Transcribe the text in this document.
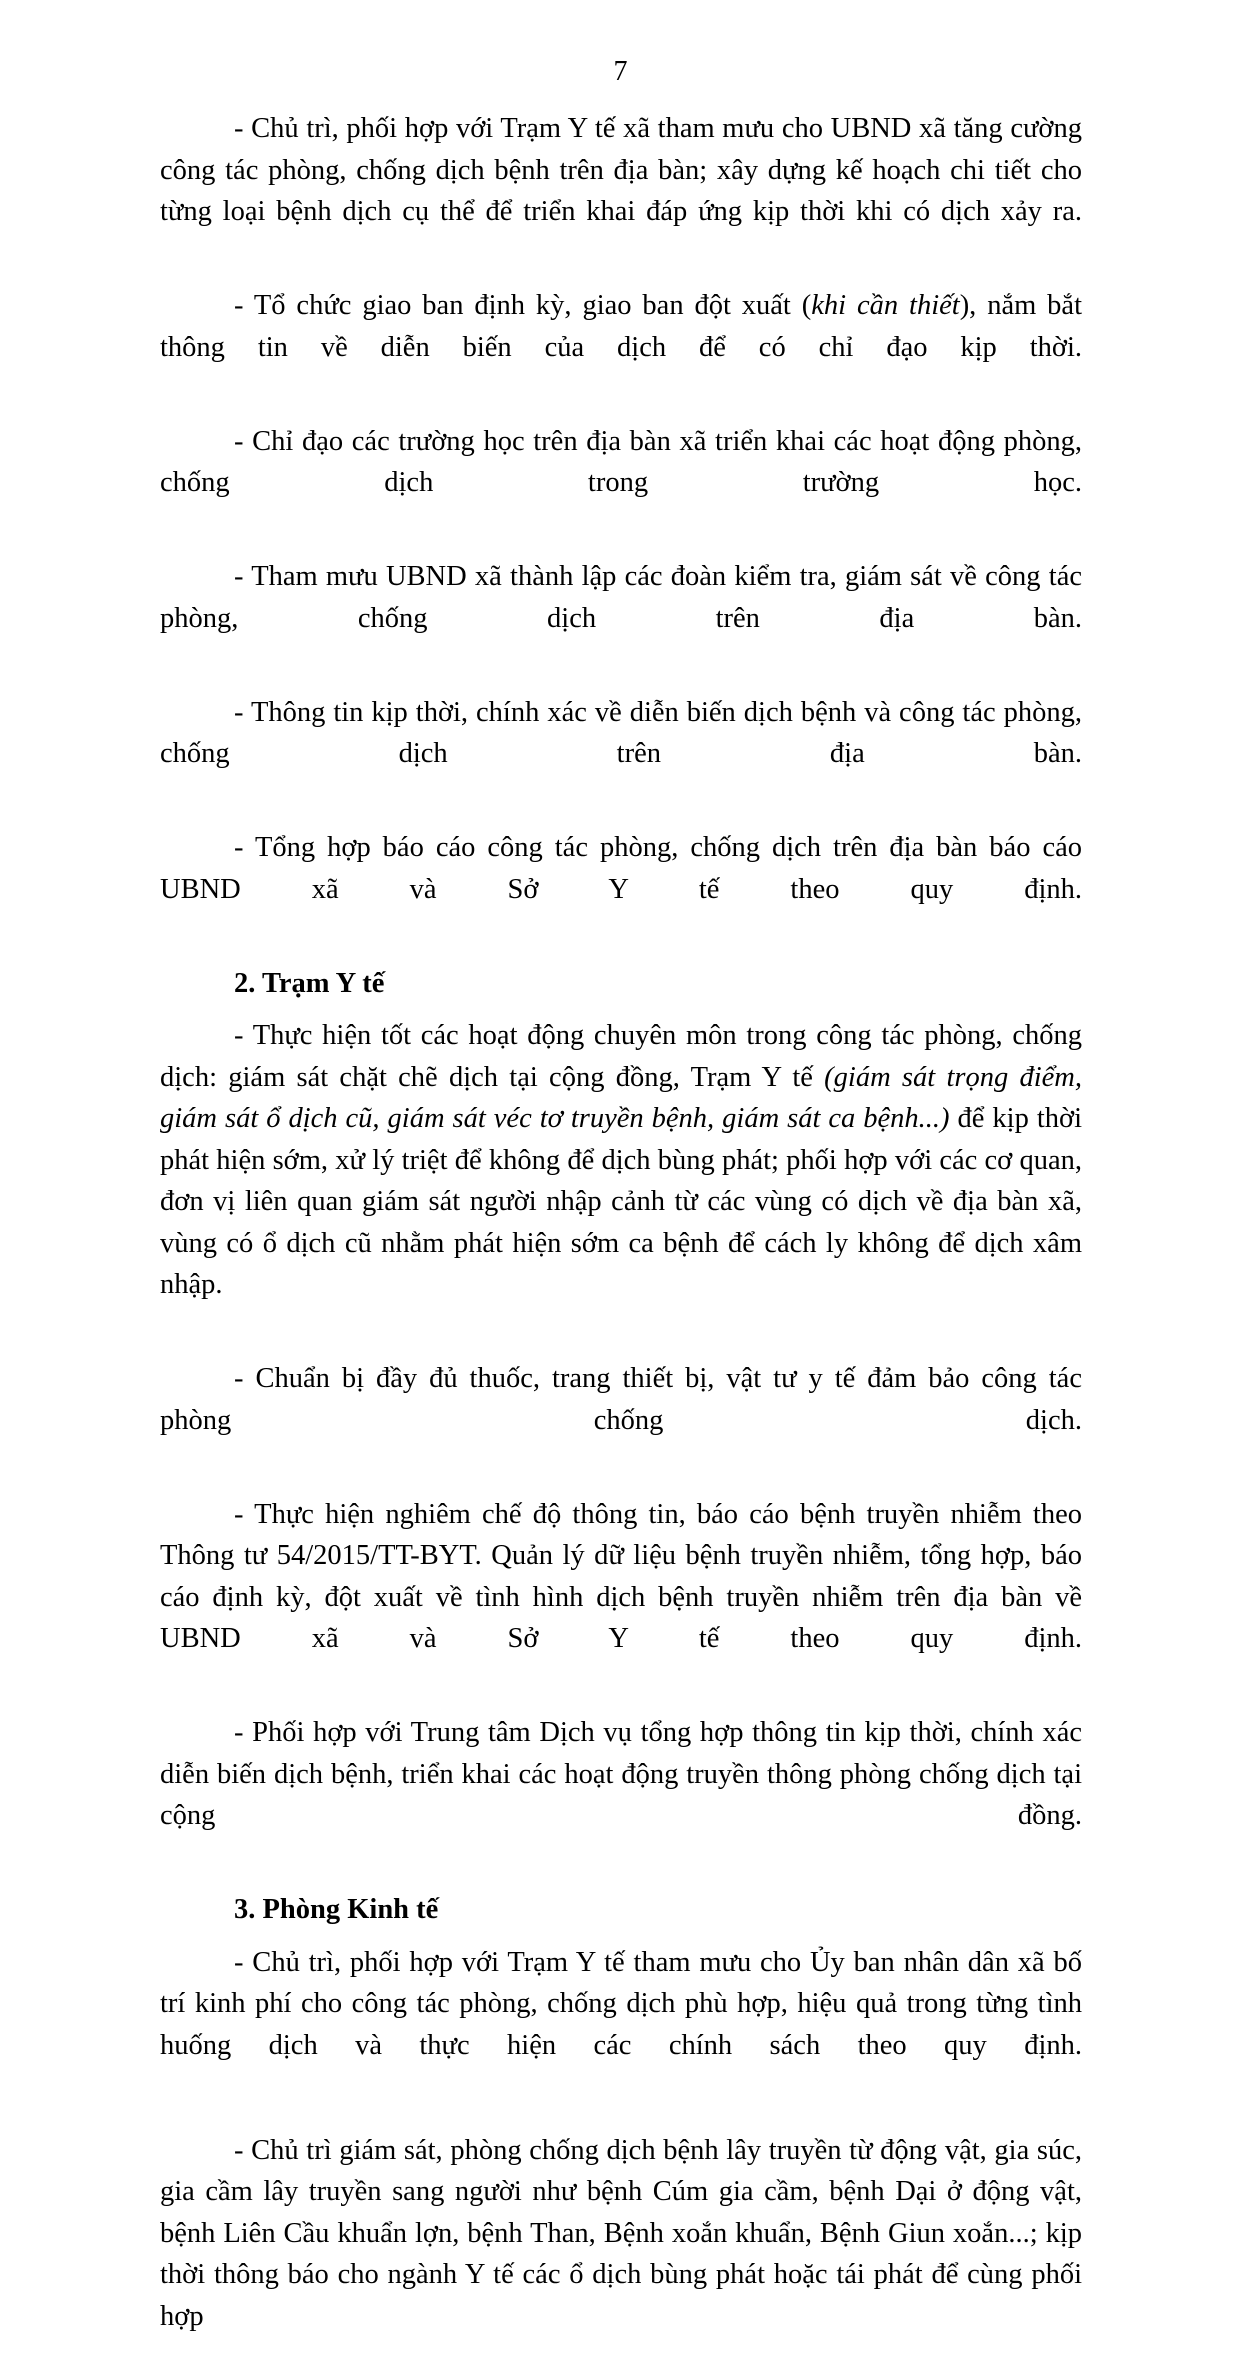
7

- Chủ trì, phối hợp với Trạm Y tế xã tham mưu cho UBND xã tăng cường công tác phòng, chống dịch bệnh trên địa bàn; xây dựng kế hoạch chi tiết cho từng loại bệnh dịch cụ thể để triển khai đáp ứng kịp thời khi có dịch xảy ra.

- Tổ chức giao ban định kỳ, giao ban đột xuất (khi cần thiết), nắm bắt thông tin về diễn biến của dịch để có chỉ đạo kịp thời.

- Chỉ đạo các trường học trên địa bàn xã triển khai các hoạt động phòng, chống dịch trong trường học.

- Tham mưu UBND xã thành lập các đoàn kiểm tra, giám sát về công tác phòng, chống dịch trên địa bàn.

- Thông tin kịp thời, chính xác về diễn biến dịch bệnh và công tác phòng, chống dịch trên địa bàn.

- Tổng hợp báo cáo công tác phòng, chống dịch trên địa bàn báo cáo UBND xã và Sở Y tế theo quy định.

2. Trạm Y tế

- Thực hiện tốt các hoạt động chuyên môn trong công tác phòng, chống dịch: giám sát chặt chẽ dịch tại cộng đồng, Trạm Y tế (giám sát trọng điểm, giám sát ổ dịch cũ, giám sát véc tơ truyền bệnh, giám sát ca bệnh...) để kịp thời phát hiện sớm, xử lý triệt để không để dịch bùng phát; phối hợp với các cơ quan, đơn vị liên quan giám sát người nhập cảnh từ các vùng có dịch về địa bàn xã, vùng có ổ dịch cũ nhằm phát hiện sớm ca bệnh để cách ly không để dịch xâm nhập.

- Chuẩn bị đầy đủ thuốc, trang thiết bị, vật tư y tế đảm bảo công tác phòng chống dịch.

- Thực hiện nghiêm chế độ thông tin, báo cáo bệnh truyền nhiễm theo Thông tư 54/2015/TT-BYT. Quản lý dữ liệu bệnh truyền nhiễm, tổng hợp, báo cáo định kỳ, đột xuất về tình hình dịch bệnh truyền nhiễm trên địa bàn về UBND xã và Sở Y tế theo quy định.

- Phối hợp với Trung tâm Dịch vụ tổng hợp thông tin kịp thời, chính xác diễn biến dịch bệnh, triển khai các hoạt động truyền thông phòng chống dịch tại cộng đồng.

3. Phòng Kinh tế

- Chủ trì, phối hợp với Trạm Y tế tham mưu cho Ủy ban nhân dân xã bố trí kinh phí cho công tác phòng, chống dịch phù hợp, hiệu quả trong từng tình huống dịch và thực hiện các chính sách theo quy định.

- Chủ trì giám sát, phòng chống dịch bệnh lây truyền từ động vật, gia súc, gia cầm lây truyền sang người như bệnh Cúm gia cầm, bệnh Dại ở động vật, bệnh Liên Cầu khuẩn lợn, bệnh Than, Bệnh xoắn khuẩn, Bệnh Giun xoắn...; kịp thời thông báo cho ngành Y tế các ổ dịch bùng phát hoặc tái phát để cùng phối hợp
